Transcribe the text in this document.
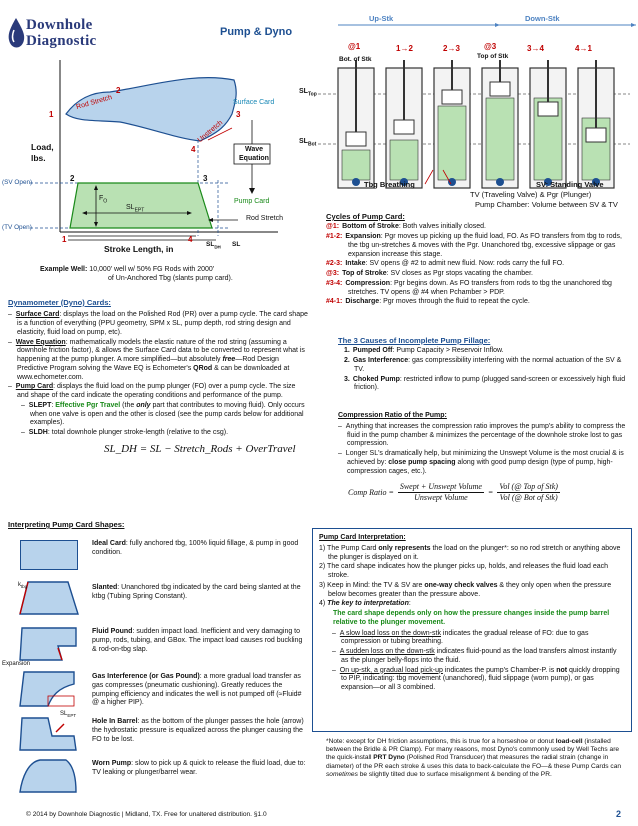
Downhole
Diagnostic
Pump & Dyno
1
2
3
4
Rod Stretch
Unstretch
Surface Card
Wave
Equation
Load,
lbs.
(SV Open)
(TV Open)
2	3
1	4
$F_O$
$SL_{EPT}$
Pump Card
Rod Stretch
$SL_{DH}$ SL
Stroke Length, in
Example Well: 10,000' well w/ 50% FG Rods with 2000'
of Un-Anchored Tbg (slants pump card).
Dynamometer (Dyno) Cards:

–  Surface Card: displays the load on the Polished Rod (PR) over a pump cycle. The card shape is a function of everything (PPU geometry, SPM x SL, pump depth, rod string design and elasticity, fluid load on pump, etc).

–  Wave Equation: mathematically models the elastic nature of the rod string (assuming a downhole friction factor), & allows the Surface Card data to be converted to represent what is happening at the pump plunger. A more simplified—but absolutely free—Rod Design Predictive Program solving the Wave EQ is Echometer's QRod & can be downloaded at www.echometer.com.

–  Pump Card: displays the fluid load on the pump plunger (FO) over a pump cycle. The size and shape of the card indicate the operating conditions and performance of the pump.

–  SLEPT: Effective Pgr Travel (the only part that contributes to moving fluid). Only occurs when one valve is open and the other is closed (see the pump cards below for additional examples).

–  SLDH: total downhole plunger stroke-length (relative to the csg).

SL_DH = SL − Stretch_Rods + OverTravel
Up-Stk	Down-Stk
@1
Bot. of Stk
1→2	2→3	@3
Top of Stk
3→4	4→1
$SL_{Top}$
$SL_{Bot}$
Tbg Breathing	SV: Standing Valve
TV (Traveling Valve) & Pgr (Plunger)
Pump Chamber: Volume between SV & TV
Cycles of Pump Card:

@1: Bottom of Stroke: Both valves initially closed.

#1-2: Expansion: Pgr moves up picking up the fluid load, FO. As FO transfers from tbg to rods, the tbg un-stretches & moves with the Pgr. Unanchored tbg, excessive slippage or gas expansion increase this stage.

#2-3: Intake: SV opens @ #2 to admit new fluid. Now: rods carry the full FO.

@3: Top of Stroke: SV closes as Pgr stops vacating the chamber.

#3-4: Compression: Pgr begins down. As FO transfers from rods to tbg the unanchored tbg stretches. TV opens @ #4 when Pchamber > PDP.

#4-1: Discharge: Pgr moves through the fluid to repeat the cycle.

The 3 Causes of Incomplete Pump Fillage:

1. Pumped Off: Pump Capacity > Reservoir Inflow.

2. Gas Interference: gas compressibility interfering with the normal actuation of the SV & TV.

3. Choked Pump: restricted inflow to pump (plugged sand-screen or excessively high fluid friction).

Compression Ratio of the Pump:

–  Anything that increases the compression ratio improves the pump's ability to compress the fluid in the pump chamber & minimizes the percentage of the downhole stroke lost to gas compression.

–  Longer SL's dramatically help, but minimizing the Unswept Volume is the most crucial & is achieved by: close pump spacing along with good pump design (type of pump, high-compression cages, etc.).

Comp Ratio =
Swept + Unswept Volume
Unswept Volume
=
Vol (@ Top of Stk)
Vol (@ Bot of Stk)
Interpreting Pump Card Shapes:
$k_{tbg}$
Expansion
$SL_{EPT}$

Ideal Card: fully anchored tbg, 100% liquid fillage, & pump in good condition.

Slanted: Unanchored tbg indicated by the card being slanted at the ktbg (Tubing Spring Constant).

Fluid Pound: sudden impact load. Inefficient and very damaging to pump, rods, tubing, and GBox. The impact load causes rod buckling & rod-on-tbg slap.

Gas Interference (or Gas Pound): a more gradual load transfer as gas compresses (pneumatic cushioning). Greatly reduces the pumping efficiency and indicates the well is not pumped off (≈Fluid# @ a higher PIP).

Hole In Barrel: as the bottom of the plunger passes the hole (arrow) the hydrostatic pressure is equalized across the plunger causing the FO to be lost.

Worn Pump: slow to pick up & quick to release the fluid load, due to: TV leaking or plunger/barrel wear.

Pump Card Interpretation:

1) The Pump Card only represents the load on the plunger*: so no rod stretch or anything above the plunger is displayed on it.

2) The card shape indicates how the plunger picks up, holds, and releases the fluid load each stroke.

3) Keep in Mind: the TV & SV are one-way check valves & they only open when the pressure below becomes greater than the pressure above.

4) The key to interpretation:

The card shape depends only on how the pressure changes inside the pump barrel relative to the plunger movement.

–  A slow load loss on the down-stk indicates the gradual release of FO: due to gas compression or tubing breathing.

–  A sudden loss on the down-stk indicates fluid-pound as the load transfers almost instantly as the plunger belly-flops into the fluid.

–  On up-stk, a gradual load pick-up indicates the pump's Chamber-P. is not quickly dropping to PIP, indicating: tbg movement (unanchored), fluid slippage (worn pump), or gas expansion—or all 3 combined.

*Note: except for DH friction assumptions, this is true for a horseshoe or donut load-cell (installed between the Bridle & PR Clamp). For many reasons, most Dyno's commonly used by Well Techs are the quick-install PRT Dyno (Polished Rod Transducer) that measures the radial strain (change in diameter) of the PR each stroke & uses this data to back-calculate the FO—& these Pump Cards can sometimes be slightly tilted due to surface misalignment & bending of the PR.
© 2014 by Downhole Diagnostic | Midland, TX. Free for unaltered distribution. §1.0	2
